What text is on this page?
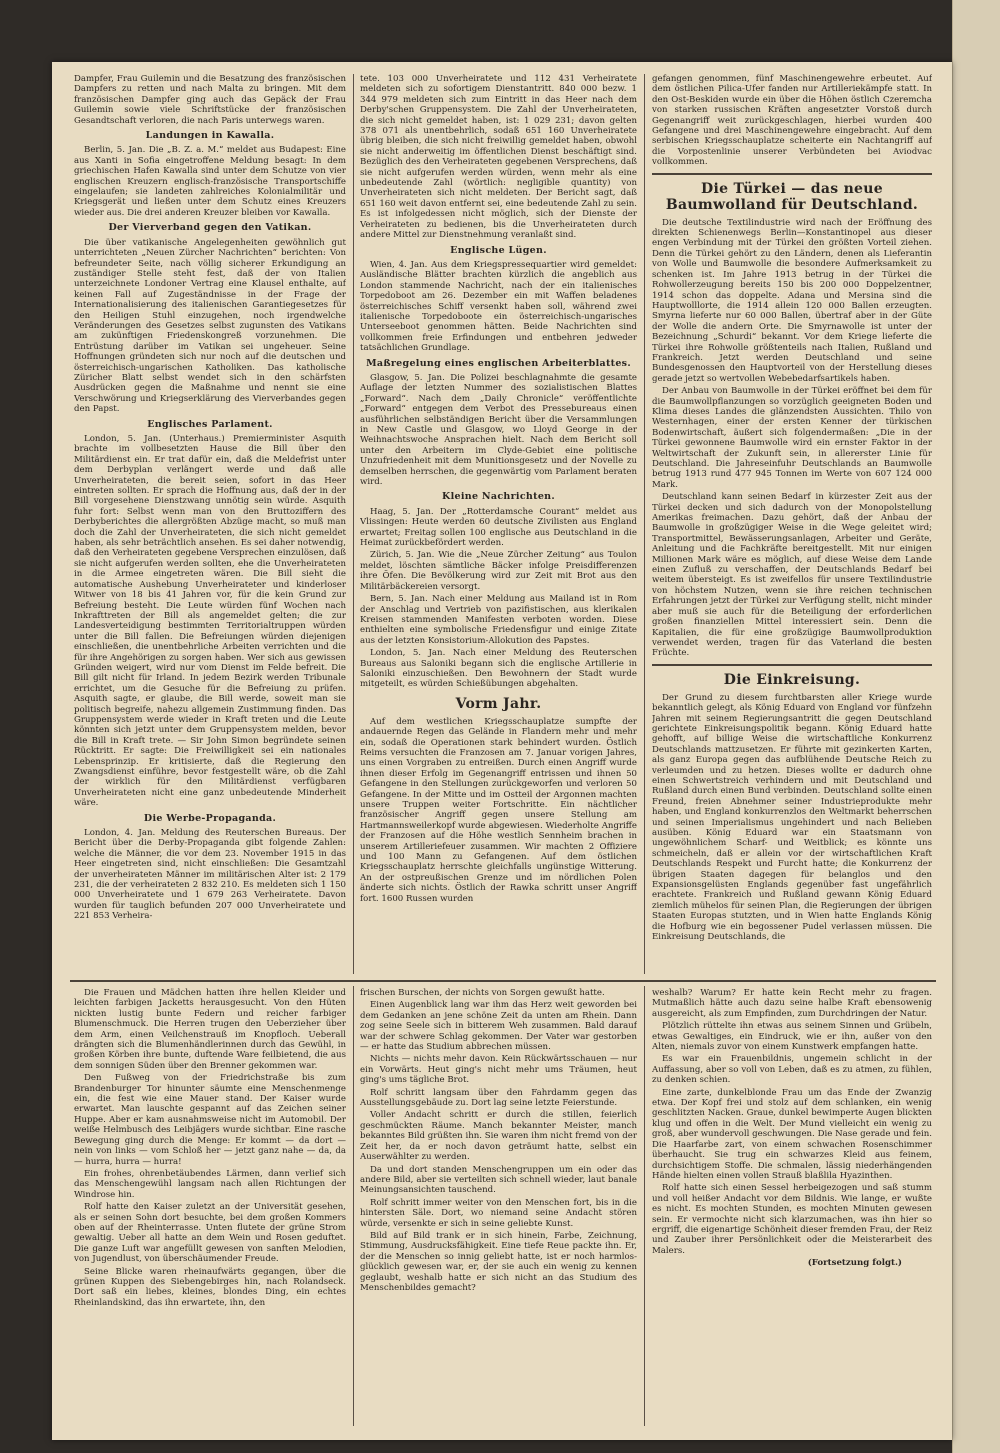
Dampfer, Frau Guilemin und die Besatzung des französischen Dampfers zu retten und nach Malta zu bringen. Mit dem französischen Dampfer ging auch das Gepäck der Frau Guilemin sowie viele Schriftstücke der französischen Gesandtschaft verloren, die nach Paris unterwegs waren.

Landungen in Kawalla.

Berlin, 5. Jan. Die „B. Z. a. M.“ meldet aus Budapest: Eine aus Xanti in Sofia eingetroffene Meldung besagt: In dem griechischen Hafen Kawalla sind unter dem Schutze von vier englischen Kreuzern englisch-französische Transportschiffe eingelaufen; sie landeten zahlreiches Kolonialmilitär und Kriegsgerät und ließen unter dem Schutz eines Kreuzers wieder aus. Die drei anderen Kreuzer bleiben vor Kawalla.

Der Vierverband gegen den Vatikan.

Die über vatikanische Angelegenheiten gewöhnlich gut unterrichteten „Neuen Zürcher Nachrichten“ berichten: Von befreundeter Seite, nach völlig sicherer Erkundigung an zuständiger Stelle steht fest, daß der von Italien unterzeichnete Londoner Vertrag eine Klausel enthalte, auf keinen Fall auf Zugeständnisse in der Frage der Internationalisierung des italienischen Garantiegesetzes für den Heiligen Stuhl einzugehen, noch irgendwelche Veränderungen des Gesetzes selbst zugunsten des Vatikans am zukünftigen Friedenskongreß vorzunehmen. Die Entrüstung darüber im Vatikan sei ungeheuer. Seine Hoffnungen gründeten sich nur noch auf die deutschen und österreichisch-ungarischen Katholiken. Das katholische Züricher Blatt selbst wendet sich in den schärfsten Ausdrücken gegen die Maßnahme und nennt sie eine Verschwörung und Kriegserklärung des Vierverbandes gegen den Papst.

Englisches Parlament.

London, 5. Jan. (Unterhaus.) Premierminister Asquith brachte im vollbesetzten Hause die Bill über den Militärdienst ein. Er trat dafür ein, daß die Meldefrist unter dem Derbyplan verlängert werde und daß alle Unverheirateten, die bereit seien, sofort in das Heer eintreten sollten. Er sprach die Hoffnung aus, daß der in der Bill vorgesehene Dienstzwang unnötig sein würde. Asquith fuhr fort: Selbst wenn man von den Bruttoziffern des Derbyberichtes die allergrößten Abzüge macht, so muß man doch die Zahl der Unverheirateten, die sich nicht gemeldet haben, als sehr beträchtlich ansehen. Es sei daher notwendig, daß den Verheirateten gegebene Versprechen einzulösen, daß sie nicht aufgerufen werden sollten, ehe die Unverheirateten in die Armee eingetreten wären. Die Bill sieht die automatische Aushebung Unverheirateter und kinderloser Witwer von 18 bis 41 Jahren vor, für die kein Grund zur Befreiung besteht. Die Leute würden fünf Wochen nach Inkrafttreten der Bill als angemeldet gelten; die zur Landesverteidigung bestimmten Territorialtruppen würden unter die Bill fallen. Die Befreiungen würden diejenigen einschließen, die unentbehrliche Arbeiten verrichten und die für ihre Angehörigen zu sorgen haben. Wer sich aus gewissen Gründen weigert, wird nur vom Dienst im Felde befreit. Die Bill gilt nicht für Irland. In jedem Bezirk werden Tribunale errichtet, um die Gesuche für die Befreiung zu prüfen. Asquith sagte, er glaube, die Bill werde, soweit man sie politisch begreife, nahezu allgemein Zustimmung finden. Das Gruppensystem werde wieder in Kraft treten und die Leute könnten sich jetzt unter dem Gruppensystem melden, bevor die Bill in Kraft trete. — Sir John Simon begründete seinen Rücktritt. Er sagte: Die Freiwilligkeit sei ein nationales Lebensprinzip. Er kritisierte, daß die Regierung den Zwangsdienst einführe, bevor festgestellt wäre, ob die Zahl der wirklich für den Militärdienst verfügbaren Unverheirateten nicht eine ganz unbedeutende Minderheit wäre.

Die Werbe-Propaganda.

London, 4. Jan. Meldung des Reuterschen Bureaus. Der Bericht über die Derby-Propaganda gibt folgende Zahlen: welche die Männer, die vor dem 23. November 1915 in das Heer eingetreten sind, nicht einschließen: Die Gesamtzahl der unverheirateten Männer im militärischen Alter ist: 2 179 231, die der verheirateten 2 832 210. Es meldeten sich 1 150 000 Unverheiratete und 1 679 263 Verheiratete. Davon wurden für tauglich befunden 207 000 Unverheiratete und 221 853 Verheira-

tete. 103 000 Unverheiratete und 112 431 Verheiratete meldeten sich zu sofortigem Dienstantritt. 840 000 bezw. 1 344 979 meldeten sich zum Eintritt in das Heer nach dem Derby'schen Gruppensystem. Die Zahl der Unverheirateten, die sich nicht gemeldet haben, ist: 1 029 231; davon gelten 378 071 als unentbehrlich, sodaß 651 160 Unverheiratete übrig bleiben, die sich nicht freiwillig gemeldet haben, obwohl sie nicht anderweitig im öffentlichen Dienst beschäftigt sind. Bezüglich des den Verheirateten gegebenen Versprechens, daß sie nicht aufgerufen werden würden, wenn mehr als eine unbedeutende Zahl (wörtlich: negligible quantity) von Unverheirateten sich nicht meldeten. Der Bericht sagt, daß 651 160 weit davon entfernt sei, eine bedeutende Zahl zu sein. Es ist infolgedessen nicht möglich, sich der Dienste der Verheirateten zu bedienen, bis die Unverheirateten durch andere Mittel zur Dienstnehmung veranlaßt sind.

Englische Lügen.

Wien, 4. Jan. Aus dem Kriegspressequartier wird gemeldet: Ausländische Blätter brachten kürzlich die angeblich aus London stammende Nachricht, nach der ein italienisches Torpedoboot am 26. Dezember ein mit Waffen beladenes österreichisches Schiff versenkt haben soll, während zwei italienische Torpedoboote ein österreichisch-ungarisches Unterseeboot genommen hätten. Beide Nachrichten sind vollkommen freie Erfindungen und entbehren jedweder tatsächlichen Grundlage.

Maßregelung eines englischen Arbeiterblattes.

Glasgow, 5. Jan. Die Polizei beschlagnahmte die gesamte Auflage der letzten Nummer des sozialistischen Blattes „Forward“. Nach dem „Daily Chronicle“ veröffentlichte „Forward“ entgegen dem Verbot des Pressebureaus einen ausführlichen selbständigen Bericht über die Versammlungen in New Castle und Glasgow, wo Lloyd George in der Weihnachtswoche Ansprachen hielt. Nach dem Bericht soll unter den Arbeitern im Clyde-Gebiet eine politische Unzufriedenheit mit dem Munitionsgesetz und der Novelle zu demselben herrschen, die gegenwärtig vom Parlament beraten wird.

Kleine Nachrichten.

Haag, 5. Jan. Der „Rotterdamsche Courant“ meldet aus Vlissingen: Heute werden 60 deutsche Zivilisten aus England erwartet; Freitag sollen 100 englische aus Deutschland in die Heimat zurückbefördert werden.

Zürich, 5. Jan. Wie die „Neue Zürcher Zeitung“ aus Toulon meldet, löschten sämtliche Bäcker infolge Preisdifferenzen ihre Öfen. Die Bevölkerung wird zur Zeit mit Brot aus den Militärbäckereien versorgt.

Bern, 5. Jan. Nach einer Meldung aus Mailand ist in Rom der Anschlag und Vertrieb von pazifistischen, aus klerikalen Kreisen stammenden Manifesten verboten worden. Diese enthielten eine symbolische Friedensfigur und einige Zitate aus der letzten Konsistorium-Allokution des Papstes.

London, 5. Jan. Nach einer Meldung des Reuterschen Bureaus aus Saloniki begann sich die englische Artillerie in Saloniki einzuschießen. Den Bewohnern der Stadt wurde mitgeteilt, es würden Schießübungen abgehalten.

Vorm Jahr.

Auf dem westlichen Kriegsschauplatze sumpfte der andauernde Regen das Gelände in Flandern mehr und mehr ein, sodaß die Operationen stark behindert wurden. Östlich Reims versuchten die Franzosen am 7. Januar vorigen Jahres, uns einen Vorgraben zu entreißen. Durch einen Angriff wurde ihnen dieser Erfolg im Gegenangriff entrissen und ihnen 50 Gefangene in den Stellungen zurückgeworfen und verloren 50 Gefangene. In der Mitte und im Ostteil der Argonnen machten unsere Truppen weiter Fortschritte. Ein nächtlicher französischer Angriff gegen unsere Stellung am Hartmannsweilerkopf wurde abgewiesen. Wiederholte Angriffe der Franzosen auf die Höhe westlich Sennheim brachen in unserem Artilleriefeuer zusammen. Wir machten 2 Offiziere und 100 Mann zu Gefangenen. Auf dem östlichen Kriegsschauplatz herrschte gleichfalls ungünstige Witterung. An der ostpreußischen Grenze und im nördlichen Polen änderte sich nichts. Östlich der Rawka schritt unser Angriff fort. 1600 Russen wurden

gefangen genommen, fünf Maschinengewehre erbeutet. Auf dem östlichen Pilica-Ufer fanden nur Artilleriekämpfe statt. In den Ost-Beskiden wurde ein über die Höhen östlich Czeremcha von starken russischen Kräften angesetzter Vorstoß durch Gegenangriff weit zurückgeschlagen, hierbei wurden 400 Gefangene und drei Maschinengewehre eingebracht. Auf dem serbischen Kriegsschauplatze scheiterte ein Nachtangriff auf die Vorpostenlinie unserer Verbündeten bei Aviodvac vollkommen.

Die Türkei — das neue Baumwolland für Deutschland.

Die deutsche Textilindustrie wird nach der Eröffnung des direkten Schienenwegs Berlin—Konstantinopel aus dieser engen Verbindung mit der Türkei den größten Vorteil ziehen. Denn die Türkei gehört zu den Ländern, denen als Lieferantin von Wolle und Baumwolle die besondere Aufmerksamkeit zu schenken ist. Im Jahre 1913 betrug in der Türkei die Rohwollerzeugung bereits 150 bis 200 000 Doppelzentner, 1914 schon das doppelte. Adana und Mersina sind die Hauptwolllorte, die 1914 allein 120 000 Ballen erzeugten. Smyrna lieferte nur 60 000 Ballen, übertraf aber in der Güte der Wolle die andern Orte. Die Smyrnawolle ist unter der Bezeichnung „Schurdi“ bekannt. Vor dem Kriege lieferte die Türkei ihre Rohwolle größtenteils nach Italien, Rußland und Frankreich. Jetzt werden Deutschland und seine Bundesgenossen den Hauptvorteil von der Herstellung dieses gerade jetzt so wertvollen Webebedarfsartikels haben.

Der Anbau von Baumwolle in der Türkei eröffnet bei dem für die Baumwollpflanzungen so vorzüglich geeigneten Boden und Klima dieses Landes die glänzendsten Aussichten. Thilo von Westernhagen, einer der ersten Kenner der türkischen Bodenwirtschaft, äußert sich folgendermaßen: „Die in der Türkei gewonnene Baumwolle wird ein ernster Faktor in der Weltwirtschaft der Zukunft sein, in allererster Linie für Deutschland. Die Jahreseinfuhr Deutschlands an Baumwolle betrug 1913 rund 477 945 Tonnen im Werte von 607 124 000 Mark.

Deutschland kann seinen Bedarf in kürzester Zeit aus der Türkei decken und sich dadurch von der Monopolstellung Amerikas freimachen. Dazu gehört, daß der Anbau der Baumwolle in großzügiger Weise in die Wege geleitet wird; Transportmittel, Bewässerungsanlagen, Arbeiter und Geräte, Anleitung und die Fachkräfte bereitgestellt. Mit nur einigen Millionen Mark wäre es möglich, auf diese Weise dem Lande einen Zufluß zu verschaffen, der Deutschlands Bedarf bei weitem übersteigt. Es ist zweifellos für unsere Textilindustrie von höchstem Nutzen, wenn sie ihre reichen technischen Erfahrungen jetzt der Türkei zur Verfügung stellt, nicht minder aber muß sie auch für die Beteiligung der erforderlichen großen finanziellen Mittel interessiert sein. Denn die Kapitalien, die für eine großzügige Baumwollproduktion verwendet werden, tragen für das Vaterland die besten Früchte.

Die Einkreisung.

Der Grund zu diesem furchtbarsten aller Kriege wurde bekanntlich gelegt, als König Eduard von England vor fünfzehn Jahren mit seinem Regierungsantritt die gegen Deutschland gerichtete Einkreisungspolitik begann. König Eduard hatte gehofft, auf billige Weise die wirtschaftliche Konkurrenz Deutschlands mattzusetzen. Er führte mit gezinkerten Karten, als ganz Europa gegen das aufblühende Deutsche Reich zu verleumden und zu hetzen. Dieses wollte er dadurch ohne einen Schwertstreich verhindern und mit Deutschland und Rußland durch einen Bund verbinden. Deutschland sollte einen Freund, freien Abnehmer seiner Industrieprodukte mehr haben, und England konkurrenzlos den Weltmarkt beherrschen und seinen Imperialismus ungehindert und nach Belieben ausüben. König Eduard war ein Staatsmann von ungewöhnlichem Scharf- und Weitblick; es könnte uns schmeicheln, daß er allein vor der wirtschaftlichen Kraft Deutschlands Respekt und Furcht hatte; die Konkurrenz der übrigen Staaten dagegen für belanglos und den Expansionsgelüsten Englands gegenüber fast ungefährlich erachtete. Frankreich und Rußland gewann König Eduard ziemlich mühelos für seinen Plan, die Regierungen der übrigen Staaten Europas stutzten, und in Wien hatte Englands König die Hofburg wie ein begossener Pudel verlassen müssen. Die Einkreisung Deutschlands, die

Die Frauen und Mädchen hatten ihre hellen Kleider und leichten farbigen Jacketts herausgesucht. Von den Hüten nickten lustig bunte Federn und reicher farbiger Blumenschmuck. Die Herren trugen den Ueberzieher über dem Arm, einen Veilchenstrauß im Knopfloch. Ueberall drängten sich die Blumenhändlerinnen durch das Gewühl, in großen Körben ihre bunte, duftende Ware feilbietend, die aus dem sonnigen Süden über den Brenner gekommen war.

Den Fußweg von der Friedrichstraße bis zum Brandenburger Tor hinunter säumte eine Menschenmenge ein, die fest wie eine Mauer stand. Der Kaiser wurde erwartet. Man lauschte gespannt auf das Zeichen seiner Huppe. Aber er kam ausnahmsweise nicht im Automobil. Der weiße Helmbusch des Leibjägers wurde sichtbar. Eine rasche Bewegung ging durch die Menge: Er kommt — da dort — nein von links — vom Schloß her — jetzt ganz nahe — da, da — hurra, hurra — hurra!

Ein frohes, ohrenbetäubendes Lärmen, dann verlief sich das Menschengewühl langsam nach allen Richtungen der Windrose hin.

Rolf hatte den Kaiser zuletzt an der Universität gesehen, als er seinen Sohn dort besuchte, bei dem großen Kommers oben auf der Rheinterrasse. Unten flutete der grüne Strom gewaltig. Ueber all hatte an dem Wein und Rosen geduftet. Die ganze Luft war angefüllt gewesen von sanften Melodien, von Jugendlust, von überschäumender Freude.

Seine Blicke waren rheinaufwärts gegangen, über die grünen Kuppen des Siebengebirges hin, nach Rolandseck. Dort saß ein liebes, kleines, blondes Ding, ein echtes Rheinlandskind, das ihn erwartete, ihn, den

frischen Burschen, der nichts von Sorgen gewußt hatte.

Einen Augenblick lang war ihm das Herz weit geworden bei dem Gedanken an jene schöne Zeit da unten am Rhein. Dann zog seine Seele sich in bitterem Weh zusammen. Bald darauf war der schwere Schlag gekommen. Der Vater war gestorben — er hatte das Studium abbrechen müssen.

Nichts — nichts mehr davon. Kein Rückwärtsschauen — nur ein Vorwärts. Heut ging's nicht mehr ums Träumen, heut ging's ums tägliche Brot.

Rolf schritt langsam über den Fahrdamm gegen das Ausstellungsgebäude zu. Dort lag seine letzte Feierstunde.

Voller Andacht schritt er durch die stillen, feierlich geschmückten Räume. Manch bekannter Meister, manch bekanntes Bild grüßten ihn. Sie waren ihm nicht fremd von der Zeit her, da er noch davon geträumt hatte, selbst ein Auserwählter zu werden.

Da und dort standen Menschengruppen um ein oder das andere Bild, aber sie verteilten sich schnell wieder, laut banale Meinungsansichten tauschend.

Rolf schritt immer weiter von den Menschen fort, bis in die hintersten Säle. Dort, wo niemand seine Andacht stören würde, versenkte er sich in seine geliebte Kunst.

Bild auf Bild trank er in sich hinein, Farbe, Zeichnung, Stimmung, Ausdrucksfähigkeit. Eine tiefe Reue packte ihn. Er, der die Menschen so innig geliebt hatte, ist er noch harmlos-glücklich gewesen war, er, der sie auch ein wenig zu kennen geglaubt, weshalb hatte er sich nicht an das Studium des Menschenbildes gemacht?

weshalb? Warum? Er hatte kein Recht mehr zu fragen. Mutmaßlich hätte auch dazu seine halbe Kraft ebensowenig ausgereicht, als zum Empfinden, zum Durchdringen der Natur.

Plötzlich rüttelte ihn etwas aus seinem Sinnen und Grübeln, etwas Gewaltiges, ein Eindruck, wie er ihn, außer von den Alten, niemals zuvor von einem Kunstwerk empfangen hatte.

Es war ein Frauenbildnis, ungemein schlicht in der Auffassung, aber so voll von Leben, daß es zu atmen, zu fühlen, zu denken schien.

Eine zarte, dunkelblonde Frau um das Ende der Zwanzig etwa. Der Kopf frei und stolz auf dem schlanken, ein wenig geschlitzten Nacken. Graue, dunkel bewimperte Augen blickten klug und offen in die Welt. Der Mund vielleicht ein wenig zu groß, aber wundervoll geschwungen. Die Nase gerade und fein. Die Haarfarbe zart, von einem schwachen Rosenschimmer überhaucht. Sie trug ein schwarzes Kleid aus feinem, durchsichtigem Stoffe. Die schmalen, lässig niederhängenden Hände hielten einen vollen Strauß blaßlila Hyazinthen.

Rolf hatte sich einen Sessel herbeigezogen und saß stumm und voll heißer Andacht vor dem Bildnis. Wie lange, er wußte es nicht. Es mochten Stunden, es mochten Minuten gewesen sein. Er vermochte nicht sich klarzumachen, was ihn hier so ergriff, die eigenartige Schönheit dieser fremden Frau, der Reiz und Zauber ihrer Persönlichkeit oder die Meisterarbeit des Malers.

(Fortsetzung folgt.)
